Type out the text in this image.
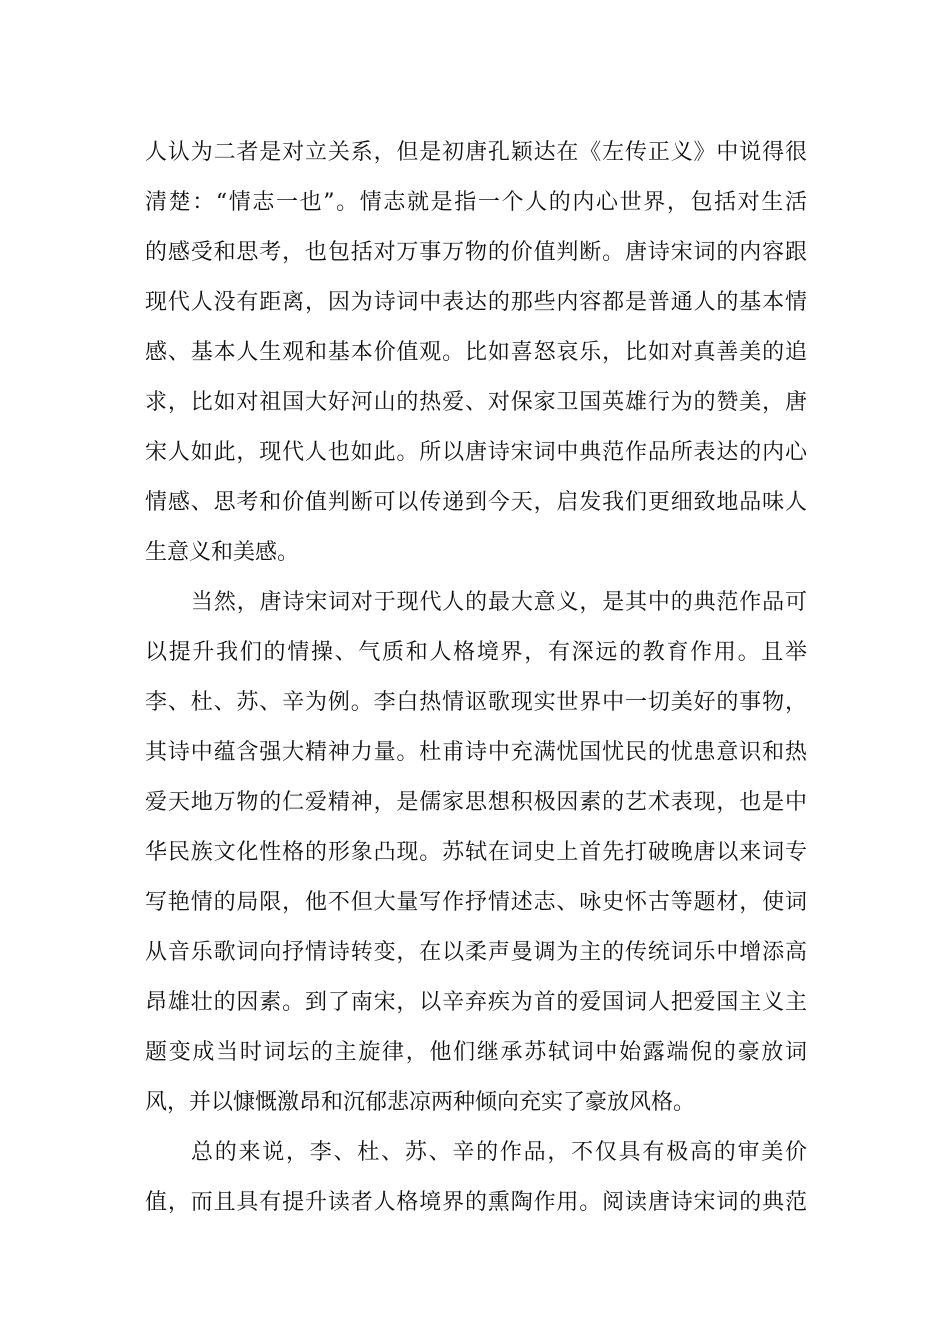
人认为二者是对立关系，但是初唐孔颖达在《左传正义》中说得很
清楚：“情志一也”。情志就是指一个人的内心世界，包括对生活
的感受和思考，也包括对万事万物的价值判断。唐诗宋词的内容跟
现代人没有距离，因为诗词中表达的那些内容都是普通人的基本情
感、基本人生观和基本价值观。比如喜怒哀乐，比如对真善美的追
求，比如对祖国大好河山的热爱、对保家卫国英雄行为的赞美，唐
宋人如此，现代人也如此。所以唐诗宋词中典范作品所表达的内心
情感、思考和价值判断可以传递到今天，启发我们更细致地品味人
生意义和美感。
当然，唐诗宋词对于现代人的最大意义，是其中的典范作品可
以提升我们的情操、气质和人格境界，有深远的教育作用。且举
李、杜、苏、辛为例。李白热情讴歌现实世界中一切美好的事物，
其诗中蕴含强大精神力量。杜甫诗中充满忧国忧民的忧患意识和热
爱天地万物的仁爱精神，是儒家思想积极因素的艺术表现，也是中
华民族文化性格的形象凸现。苏轼在词史上首先打破晚唐以来词专
写艳情的局限，他不但大量写作抒情述志、咏史怀古等题材，使词
从音乐歌词向抒情诗转变，在以柔声曼调为主的传统词乐中增添高
昂雄壮的因素。到了南宋，以辛弃疾为首的爱国词人把爱国主义主
题变成当时词坛的主旋律，他们继承苏轼词中始露端倪的豪放词
风，并以慷慨激昂和沉郁悲凉两种倾向充实了豪放风格。
总的来说，李、杜、苏、辛的作品，不仅具有极高的审美价
值，而且具有提升读者人格境界的熏陶作用。阅读唐诗宋词的典范
